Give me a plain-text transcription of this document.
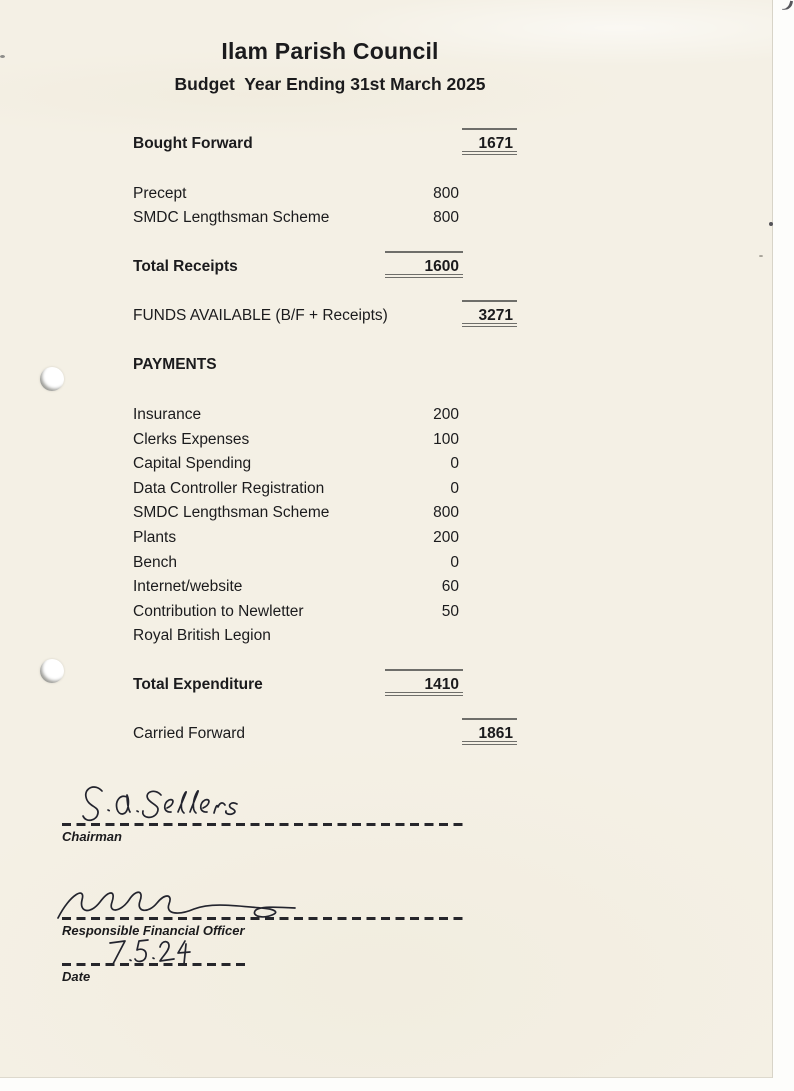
Ilam Parish Council
Budget  Year Ending 31st March 2025
Bought Forward	1671
Precept	800
SMDC Lengthsman Scheme	800
Total Receipts	1600
FUNDS AVAILABLE (B/F + Receipts)	3271
PAYMENTS
Insurance	200
Clerks Expenses	100
Capital Spending	0
Data Controller Registration	0
SMDC Lengthsman Scheme	800
Plants	200
Bench	0
Internet/website	60
Contribution to Newletter	50
Royal British Legion
Total Expenditure	1410
Carried Forward	1861
Chairman
Responsible Financial Officer
Date
